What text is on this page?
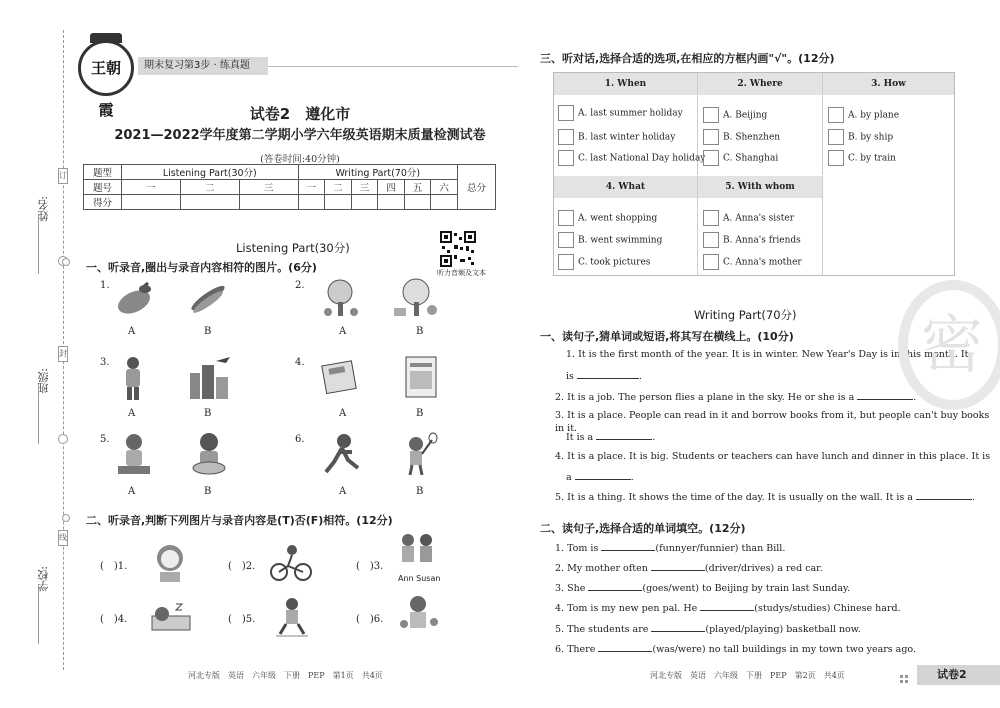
姓名:
班级:
学校:
订
封
线
王朝霞
期末复习第3步 · 练真题
试卷2　遵化市
2021—2022学年度第二学期小学六年级英语期末质量检测试卷
(答卷时间:40分钟)
题型	Listening Part(30分)			Writing Part(70分)						总分
题号	一	二	三	一	二	三	四	五	六	
得分										
Listening Part(30分)
听力音频及文本
一、听录音,圈出与录音内容相符的图片。(6分)
1.	2.
3.	4.
5.	6.
A	B	A	B
A	B	A	B
A	B	A	B
二、听录音,判断下列图片与录音内容是(T)否(F)相符。(12分)
(　)1.	(　)2.	(　)3.
(　)4.	(　)5.	(　)6.
Ann Susan
河北专版　英语　六年级　下册　PEP　第1页　共4页
三、听对话,选择合适的选项,在相应的方框内画"√"。(12分)
1. When	2. Where	3. How
A. last summer holiday
B. last winter holiday
C. last National Day holiday
A. Beijing
B. Shenzhen
C. Shanghai
A. by plane
B. by ship
C. by train
4. What	5. With whom
A. went shopping
B. went swimming
C. took pictures
A. Anna's sister
B. Anna's friends
C. Anna's mother
Writing Part(70分)
一、读句子,猜单词或短语,将其写在横线上。(10分)
1. It is the first month of the year. It is in winter. New Year's Day is in this month. It
is	.
2. It is a job. The person flies a plane in the sky. He or she is a	.
3. It is a place. People can read in it and borrow books from it, but people can't buy books in it.
It is a	.
4. It is a place. It is big. Students or teachers can have lunch and dinner in this place. It is
a	.
5. It is a thing. It shows the time of the day. It is usually on the wall. It is a	.
二、读句子,选择合适的单词填空。(12分)
1. Tom is	(funnyer/funnier) than Bill.
2. My mother often	(driver/drives) a red car.
3. She	(goes/went) to Beijing by train last Sunday.
4. Tom is my new pen pal. He	(studys/studies) Chinese hard.
5. The students are	(played/playing) basketball now.
6. There	(was/were) no tall buildings in my town two years ago.
密
河北专版　英语　六年级　下册　PEP　第2页　共4页	试卷2
